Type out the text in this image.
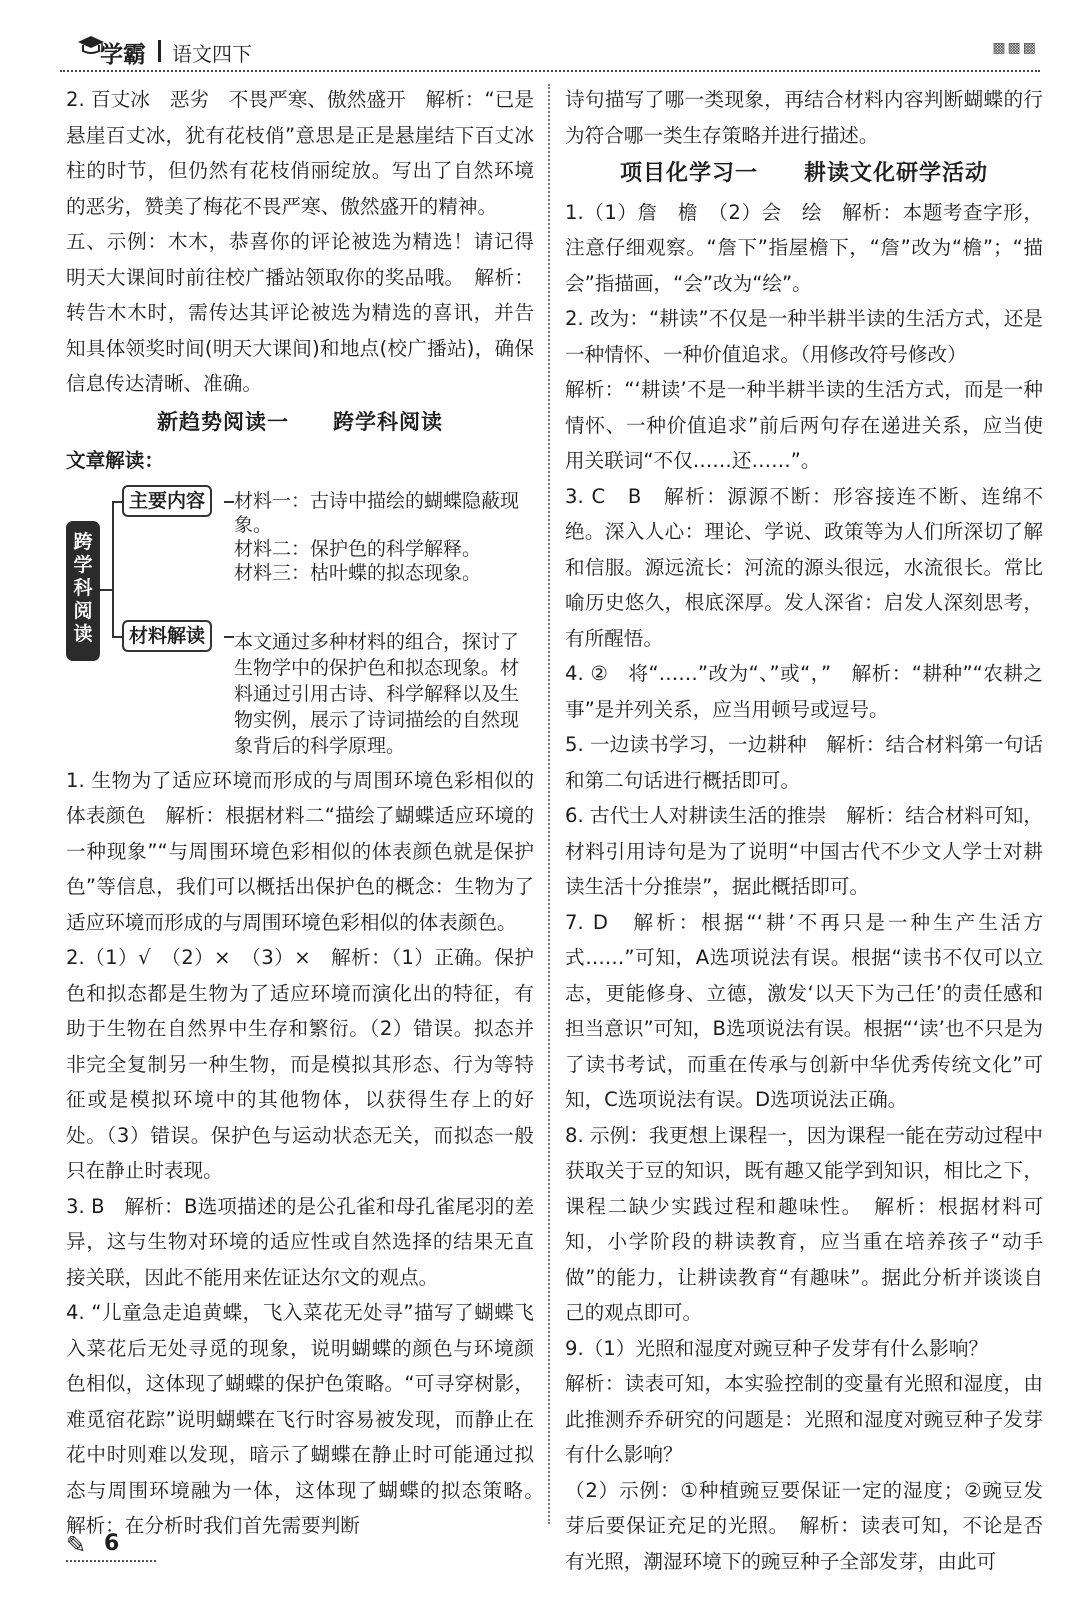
学霸 语文四下	▩▩▩

2. 百丈冰　恶劣　不畏严寒、傲然盛开　解析：“已是悬崖百丈冰，犹有花枝俏”意思是正是悬崖结下百丈冰柱的时节，但仍然有花枝俏丽绽放。写出了自然环境的恶劣，赞美了梅花不畏严寒、傲然盛开的精神。

五、示例：木木，恭喜你的评论被选为精选！请记得明天大课间时前往校广播站领取你的奖品哦。　解析：转告木木时，需传达其评论被选为精选的喜讯，并告知具体领奖时间(明天大课间)和地点(校广播站)，确保信息传达清晰、准确。

新趋势阅读一　　跨学科阅读

文章解读：

跨学科阅读
主要内容
材料解读
材料一：古诗中描绘的蝴蝶隐蔽现象。
材料二：保护色的科学解释。
材料三：枯叶蝶的拟态现象。
本文通过多种材料的组合，探讨了生物学中的保护色和拟态现象。材料通过引用古诗、科学解释以及生物实例，展示了诗词描绘的自然现象背后的科学原理。

1. 生物为了适应环境而形成的与周围环境色彩相似的体表颜色　解析：根据材料二“描绘了蝴蝶适应环境的一种现象”“与周围环境色彩相似的体表颜色就是保护色”等信息，我们可以概括出保护色的概念：生物为了适应环境而形成的与周围环境色彩相似的体表颜色。

2.（1）√　（2）×　（3）×　解析：（1）正确。保护色和拟态都是生物为了适应环境而演化出的特征，有助于生物在自然界中生存和繁衍。（2）错误。拟态并非完全复制另一种生物，而是模拟其形态、行为等特征或是模拟环境中的其他物体，以获得生存上的好处。（3）错误。保护色与运动状态无关，而拟态一般只在静止时表现。

3. B　解析：B选项描述的是公孔雀和母孔雀尾羽的差异，这与生物对环境的适应性或自然选择的结果无直接关联，因此不能用来佐证达尔文的观点。

4. “儿童急走追黄蝶，飞入菜花无处寻”描写了蝴蝶飞入菜花后无处寻觅的现象，说明蝴蝶的颜色与环境颜色相似，这体现了蝴蝶的保护色策略。“可寻穿树影，难觅宿花踪”说明蝴蝶在飞行时容易被发现，而静止在花中时则难以发现，暗示了蝴蝶在静止时可能通过拟态与周围环境融为一体，这体现了蝴蝶的拟态策略。　解析：在分析时我们首先需要判断

诗句描写了哪一类现象，再结合材料内容判断蝴蝶的行为符合哪一类生存策略并进行描述。

项目化学习一　　耕读文化研学活动

1.（1）詹　檐　（2）会　绘　解析：本题考查字形，注意仔细观察。“詹下”指屋檐下，“詹”改为“檐”；“描会”指描画，“会”改为“绘”。

2. 改为：“耕读”不仅是一种半耕半读的生活方式，还是一种情怀、一种价值追求。（用修改符号修改）

解析：“‘耕读’不是一种半耕半读的生活方式，而是一种情怀、一种价值追求”前后两句存在递进关系，应当使用关联词“不仅……还……”。

3. C　B　解析：源源不断：形容接连不断、连绵不绝。深入人心：理论、学说、政策等为人们所深切了解和信服。源远流长：河流的源头很远，水流很长。常比喻历史悠久，根底深厚。发人深省：启发人深刻思考，有所醒悟。

4. ②　将“……”改为“、”或“，”　解析：“耕种”“农耕之事”是并列关系，应当用顿号或逗号。

5. 一边读书学习，一边耕种　解析：结合材料第一句话和第二句话进行概括即可。

6. 古代士人对耕读生活的推崇　解析：结合材料可知，材料引用诗句是为了说明“中国古代不少文人学士对耕读生活十分推崇”，据此概括即可。

7. D　解析：根据“‘耕’不再只是一种生产生活方式……”可知，A选项说法有误。根据“读书不仅可以立志，更能修身、立德，激发‘以天下为己任’的责任感和担当意识”可知，B选项说法有误。根据“‘读’也不只是为了读书考试，而重在传承与创新中华优秀传统文化”可知，C选项说法有误。D选项说法正确。

8. 示例：我更想上课程一，因为课程一能在劳动过程中获取关于豆的知识，既有趣又能学到知识，相比之下，课程二缺少实践过程和趣味性。　解析：根据材料可知，小学阶段的耕读教育，应当重在培养孩子“动手做”的能力，让耕读教育“有趣味”。据此分析并谈谈自己的观点即可。

9.（1）光照和湿度对豌豆种子发芽有什么影响？

解析：读表可知，本实验控制的变量有光照和湿度，由此推测乔乔研究的问题是：光照和湿度对豌豆种子发芽有什么影响？

（2）示例：①种植豌豆要保证一定的湿度；②豌豆发芽后要保证充足的光照。　解析：读表可知，不论是否有光照，潮湿环境下的豌豆种子全部发芽，由此可

✎ 6
